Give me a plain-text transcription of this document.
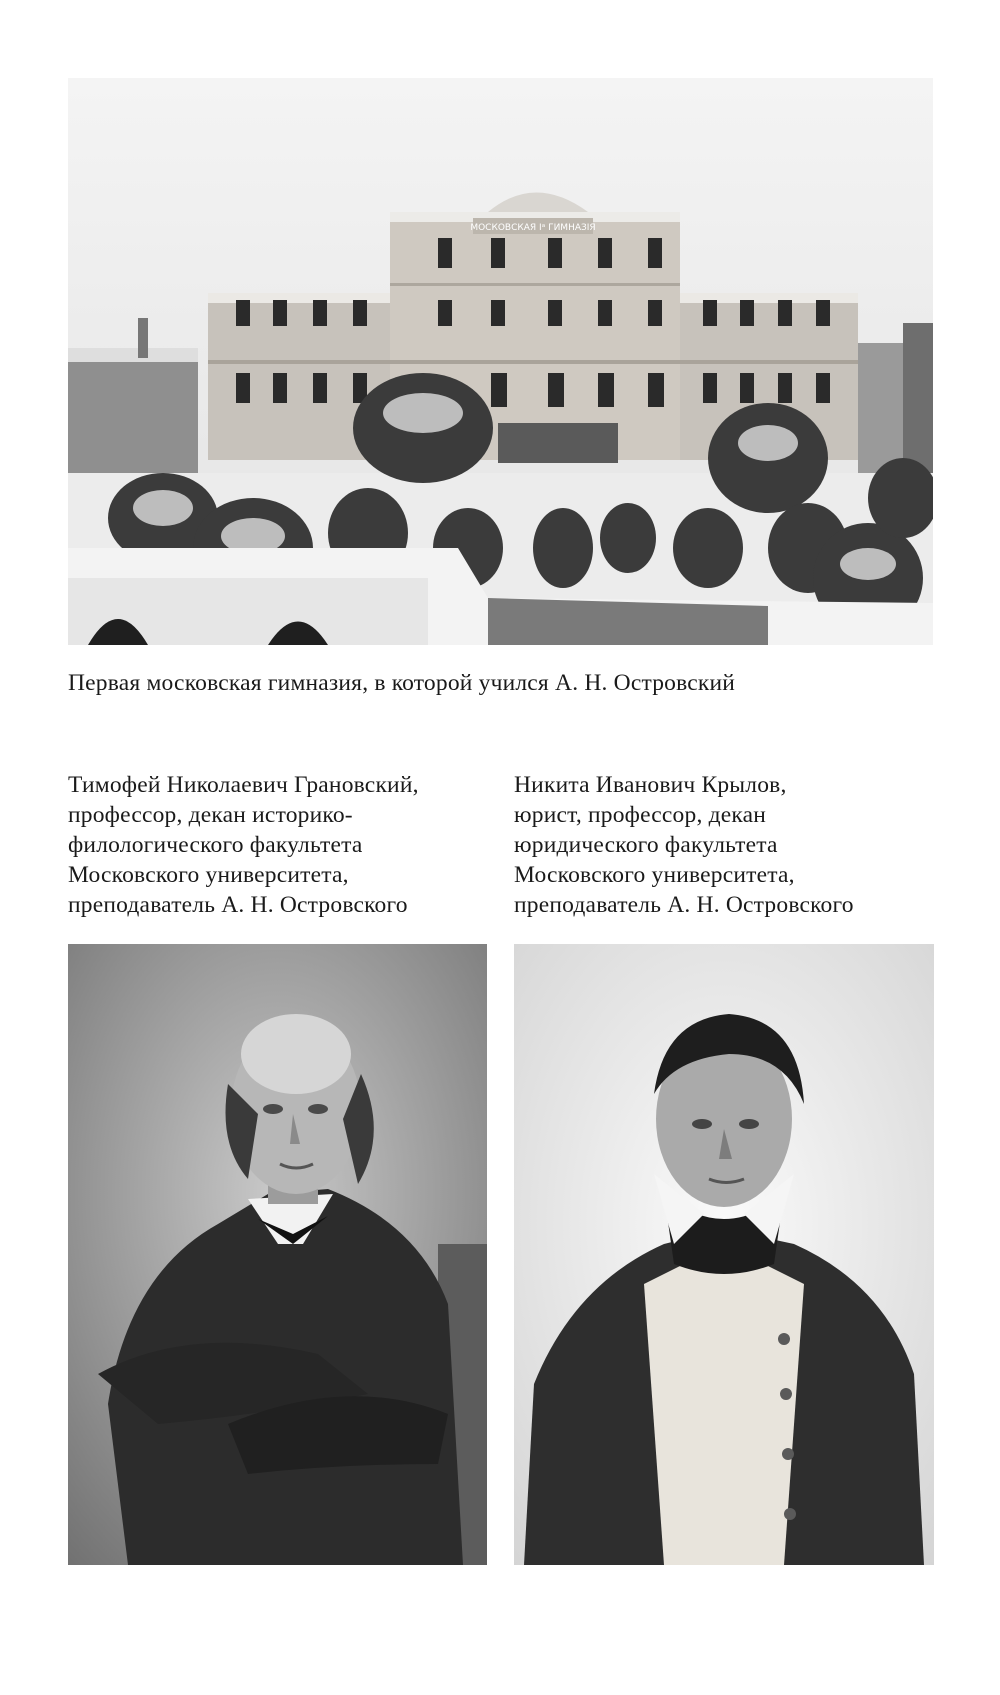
МОСКОВСКАЯ Iᵃ ГИМНАЗІЯ

Первая московская гимназия, в которой учился А. Н. Островский

Тимофей Николаевич Грановский,
профессор, декан историко-
филологического факультета
Московского университета,
преподаватель А. Н. Островского

Никита Иванович Крылов,
юрист, профессор, декан
юридического факультета
Московского университета,
преподаватель А. Н. Островского
